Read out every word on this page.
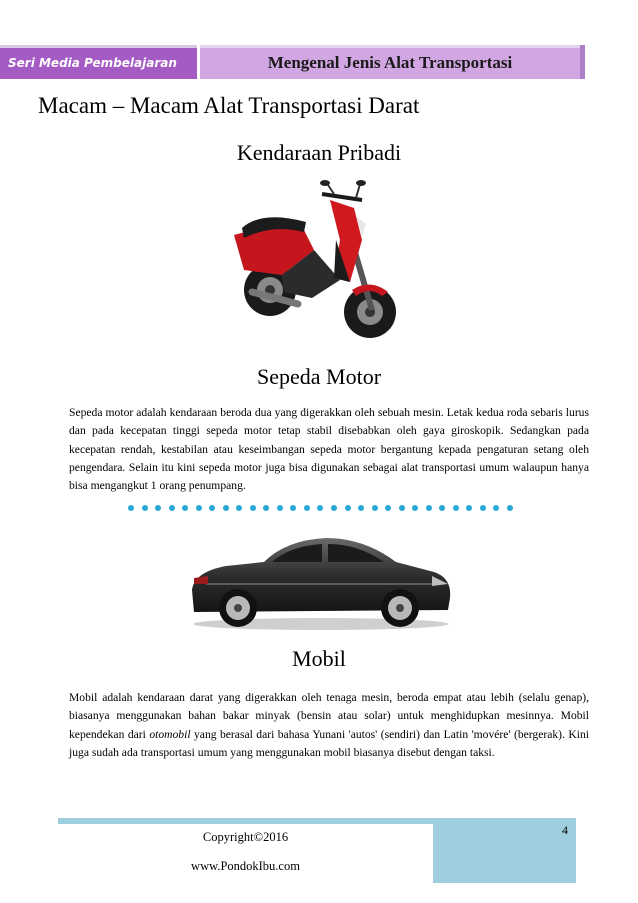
Seri Media Pembelajaran	Mengenal Jenis Alat Transportasi
Macam – Macam Alat Transportasi Darat
Kendaraan Pribadi
Sepeda Motor

Sepeda motor adalah kendaraan beroda dua yang digerakkan oleh sebuah mesin. Letak kedua roda sebaris lurus dan pada kecepatan tinggi sepeda motor tetap stabil disebabkan oleh gaya giroskopik. Sedangkan pada kecepatan rendah, kestabilan atau keseimbangan sepeda motor bergantung kepada pengaturan setang oleh pengendara. Selain itu kini sepeda motor juga bisa digunakan sebagai alat transportasi umum walaupun hanya bisa mengangkut 1 orang penumpang.

Mobil

Mobil adalah kendaraan darat yang digerakkan oleh tenaga mesin, beroda empat atau lebih (selalu genap), biasanya menggunakan bahan bakar minyak (bensin atau solar) untuk menghidupkan mesinnya. Mobil kependekan dari otomobil yang berasal dari bahasa Yunani 'autos' (sendiri) dan Latin 'movére' (bergerak). Kini juga sudah ada transportasi umum yang menggunakan mobil biasanya disebut dengan taksi.

4
Copyright©2016
www.PondokIbu.com
